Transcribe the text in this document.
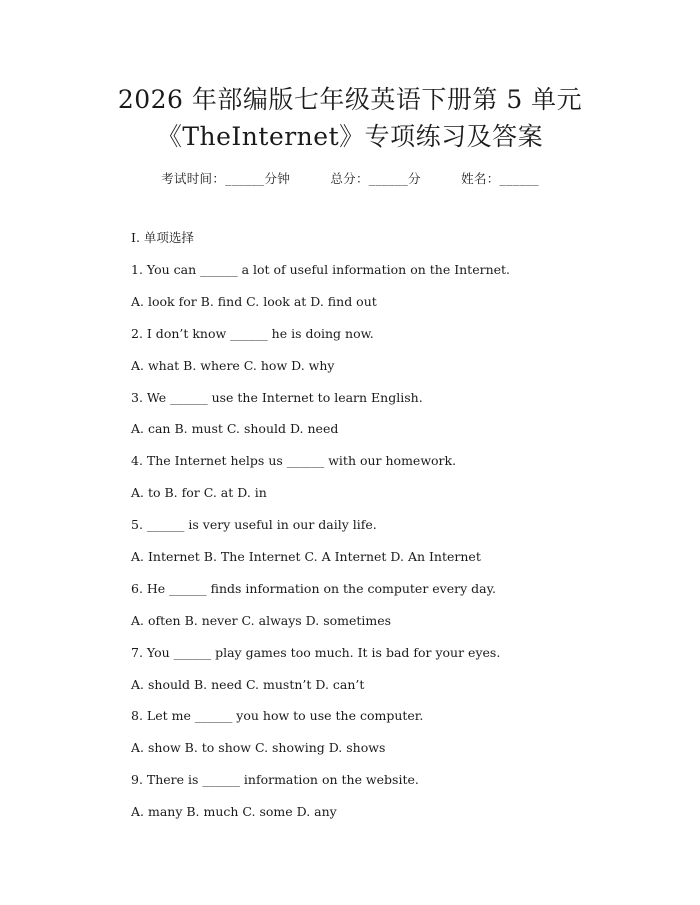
2026 年部编版七年级英语下册第 5 单元
《TheInternet》专项练习及答案
考试时间：______分钟	总分：______分	姓名：______
I. 单项选择
1. You can ______ a lot of useful information on the Internet.
A. look for B. find C. look at D. find out
2. I don’t know ______ he is doing now.
A. what B. where C. how D. why
3. We ______ use the Internet to learn English.
A. can B. must C. should D. need
4. The Internet helps us ______ with our homework.
A. to B. for C. at D. in
5. ______ is very useful in our daily life.
A. Internet B. The Internet C. A Internet D. An Internet
6. He ______ finds information on the computer every day.
A. often B. never C. always D. sometimes
7. You ______ play games too much. It is bad for your eyes.
A. should B. need C. mustn’t D. can’t
8. Let me ______ you how to use the computer.
A. show B. to show C. showing D. shows
9. There is ______ information on the website.
A. many B. much C. some D. any
